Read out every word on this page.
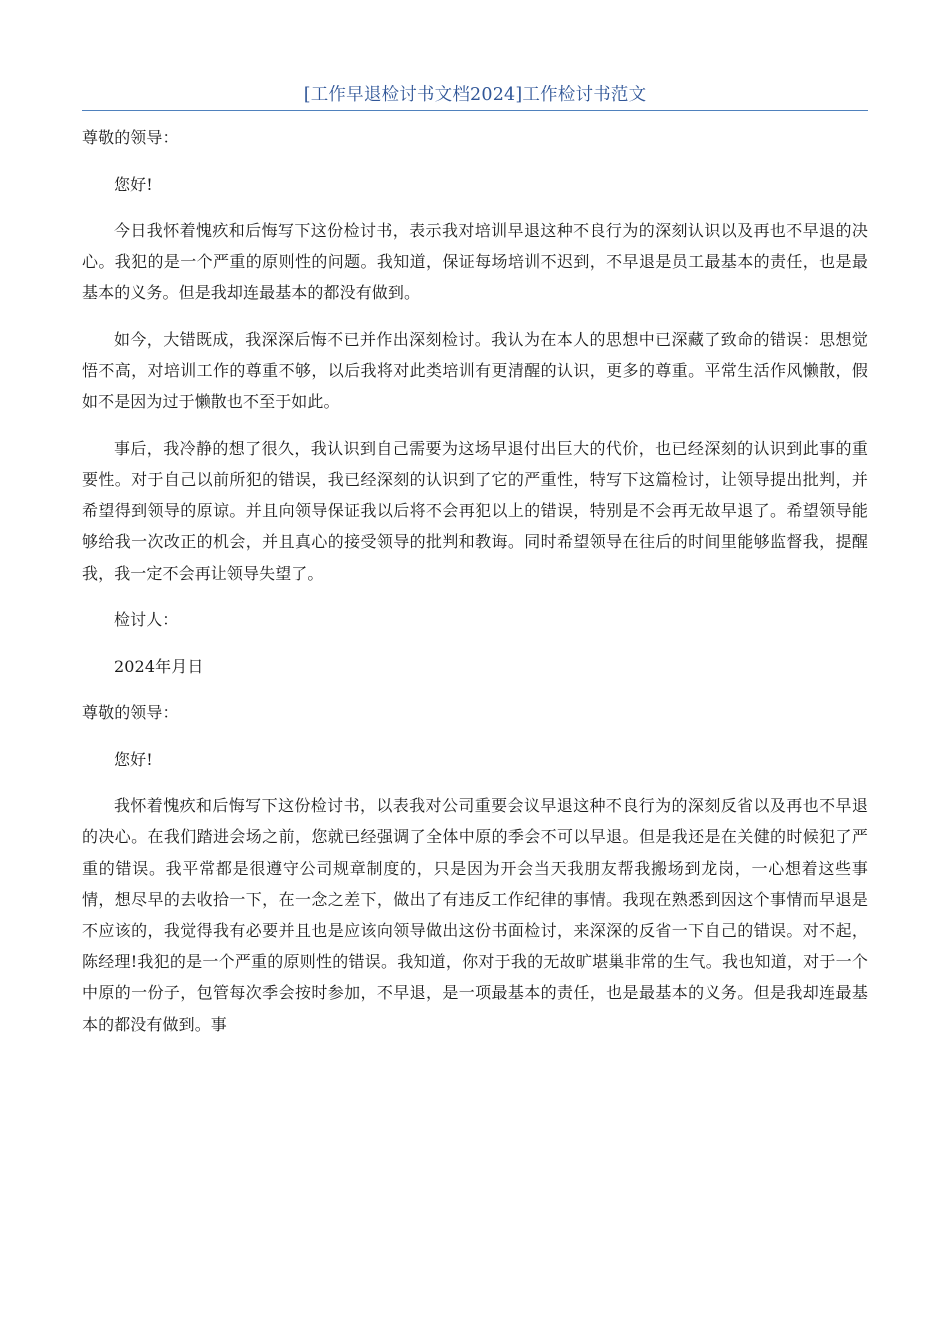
[工作早退检讨书文档2024]工作检讨书范文

尊敬的领导：

您好!

今日我怀着愧疚和后悔写下这份检讨书，表示我对培训早退这种不良行为的深刻认识以及再也不早退的决心。我犯的是一个严重的原则性的问题。我知道，保证每场培训不迟到，不早退是员工最基本的责任，也是最基本的义务。但是我却连最基本的都没有做到。

如今，大错既成，我深深后悔不已并作出深刻检讨。我认为在本人的思想中已深藏了致命的错误：思想觉悟不高，对培训工作的尊重不够，以后我将对此类培训有更清醒的认识，更多的尊重。平常生活作风懒散，假如不是因为过于懒散也不至于如此。

事后，我冷静的想了很久，我认识到自己需要为这场早退付出巨大的代价，也已经深刻的认识到此事的重要性。对于自己以前所犯的错误，我已经深刻的认识到了它的严重性，特写下这篇检讨，让领导提出批判，并希望得到领导的原谅。并且向领导保证我以后将不会再犯以上的错误，特别是不会再无故早退了。希望领导能够给我一次改正的机会，并且真心的接受领导的批判和教诲。同时希望领导在往后的时间里能够监督我，提醒我，我一定不会再让领导失望了。

检讨人：

2024年月日

尊敬的领导：

您好!

我怀着愧疚和后悔写下这份检讨书，以表我对公司重要会议早退这种不良行为的深刻反省以及再也不早退的决心。在我们踏进会场之前，您就已经强调了全体中原的季会不可以早退。但是我还是在关健的时候犯了严重的错误。我平常都是很遵守公司规章制度的，只是因为开会当天我朋友帮我搬场到龙岗，一心想着这些事情，想尽早的去收拾一下，在一念之差下，做出了有违反工作纪律的事情。我现在熟悉到因这个事情而早退是不应该的，我觉得我有必要并且也是应该向领导做出这份书面检讨，来深深的反省一下自己的错误。对不起，陈经理!我犯的是一个严重的原则性的错误。我知道，你对于我的无故旷堪巢非常的生气。我也知道，对于一个中原的一份子，包管每次季会按时参加，不早退，是一项最基本的责任，也是最基本的义务。但是我却连最基本的都没有做到。事
